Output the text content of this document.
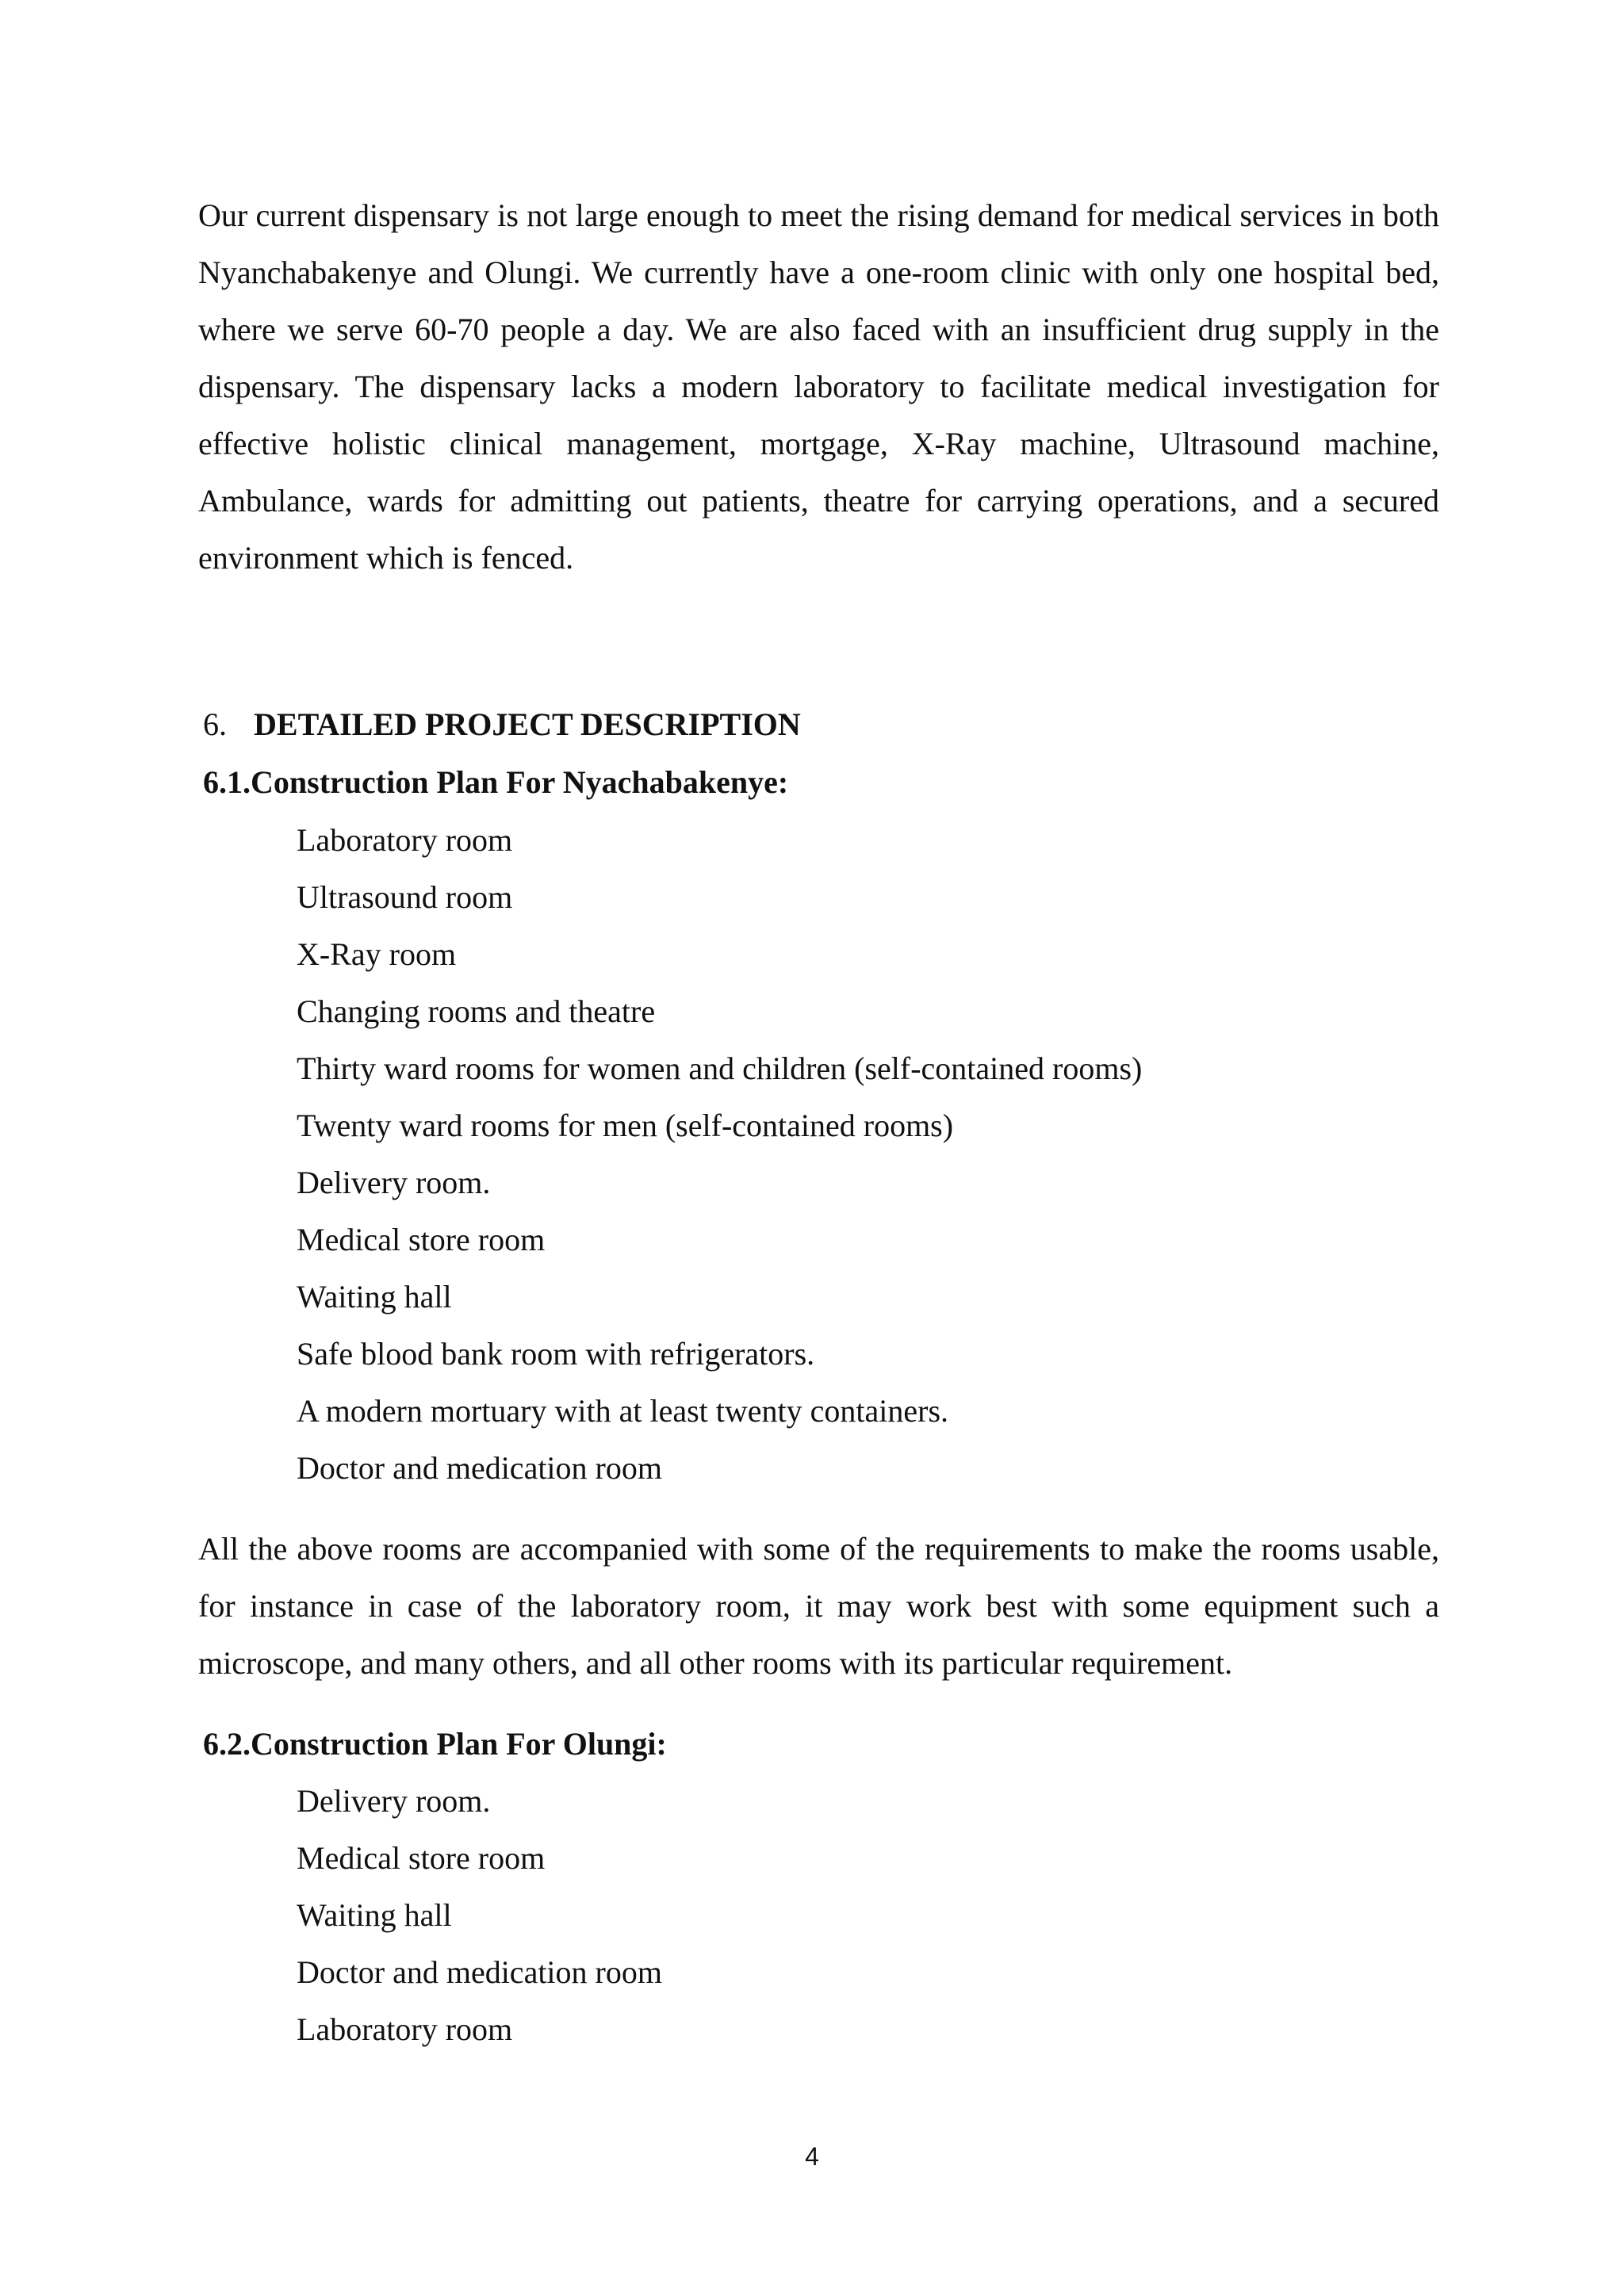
Our current dispensary is not large enough to meet the rising demand for medical services in both Nyanchabakenye and Olungi. We currently have a one-room clinic with only one hospital bed, where we serve 60-70 people a day. We are also faced with an insufficient drug supply in the dispensary. The dispensary lacks a modern laboratory to facilitate medical investigation for effective holistic clinical management, mortgage, X-Ray machine, Ultrasound machine, Ambulance, wards for admitting out patients, theatre for carrying operations, and a secured environment which is fenced.

6. DETAILED PROJECT DESCRIPTION
6.1.Construction Plan For Nyachabakenye:
Laboratory room
Ultrasound room
X-Ray room
Changing rooms and theatre
Thirty ward rooms for women and children (self-contained rooms)
Twenty ward rooms for men (self-contained rooms)
Delivery room.
Medical store room
Waiting hall
Safe blood bank room with refrigerators.
A modern mortuary with at least twenty containers.
Doctor and medication room

All the above rooms are accompanied with some of the requirements to make the rooms usable, for instance in case of the laboratory room, it may work best with some equipment such a microscope, and many others, and all other rooms with its particular requirement.

6.2.Construction Plan For Olungi:
Delivery room.
Medical store room
Waiting hall
Doctor and medication room
Laboratory room
4
